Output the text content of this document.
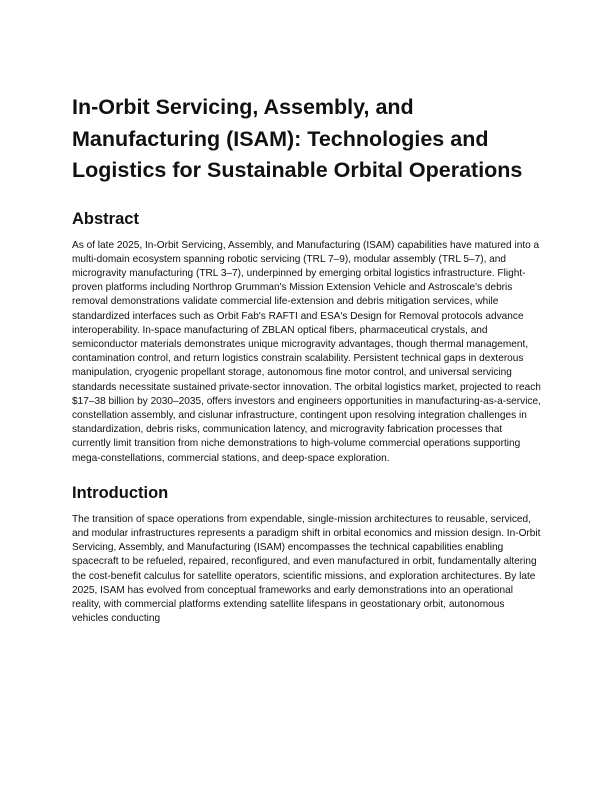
In-Orbit Servicing, Assembly, and Manufacturing (ISAM): Technologies and Logistics for Sustainable Orbital Operations
Abstract

As of late 2025, In-Orbit Servicing, Assembly, and Manufacturing (ISAM) capabilities have matured into a multi-domain ecosystem spanning robotic servicing (TRL 7–9), modular assembly (TRL 5–7), and microgravity manufacturing (TRL 3–7), underpinned by emerging orbital logistics infrastructure. Flight-proven platforms including Northrop Grumman's Mission Extension Vehicle and Astroscale's debris removal demonstrations validate commercial life-extension and debris mitigation services, while standardized interfaces such as Orbit Fab's RAFTI and ESA's Design for Removal protocols advance interoperability. In-space manufacturing of ZBLAN optical fibers, pharmaceutical crystals, and semiconductor materials demonstrates unique microgravity advantages, though thermal management, contamination control, and return logistics constrain scalability. Persistent technical gaps in dexterous manipulation, cryogenic propellant storage, autonomous fine motor control, and universal servicing standards necessitate sustained private-sector innovation. The orbital logistics market, projected to reach $17–38 billion by 2030–2035, offers investors and engineers opportunities in manufacturing-as-a-service, constellation assembly, and cislunar infrastructure, contingent upon resolving integration challenges in standardization, debris risks, communication latency, and microgravity fabrication processes that currently limit transition from niche demonstrations to high-volume commercial operations supporting mega-constellations, commercial stations, and deep-space exploration.

Introduction

The transition of space operations from expendable, single-mission architectures to reusable, serviced, and modular infrastructures represents a paradigm shift in orbital economics and mission design. In-Orbit Servicing, Assembly, and Manufacturing (ISAM) encompasses the technical capabilities enabling spacecraft to be refueled, repaired, reconfigured, and even manufactured in orbit, fundamentally altering the cost-benefit calculus for satellite operators, scientific missions, and exploration architectures. By late 2025, ISAM has evolved from conceptual frameworks and early demonstrations into an operational reality, with commercial platforms extending satellite lifespans in geostationary orbit, autonomous vehicles conducting
